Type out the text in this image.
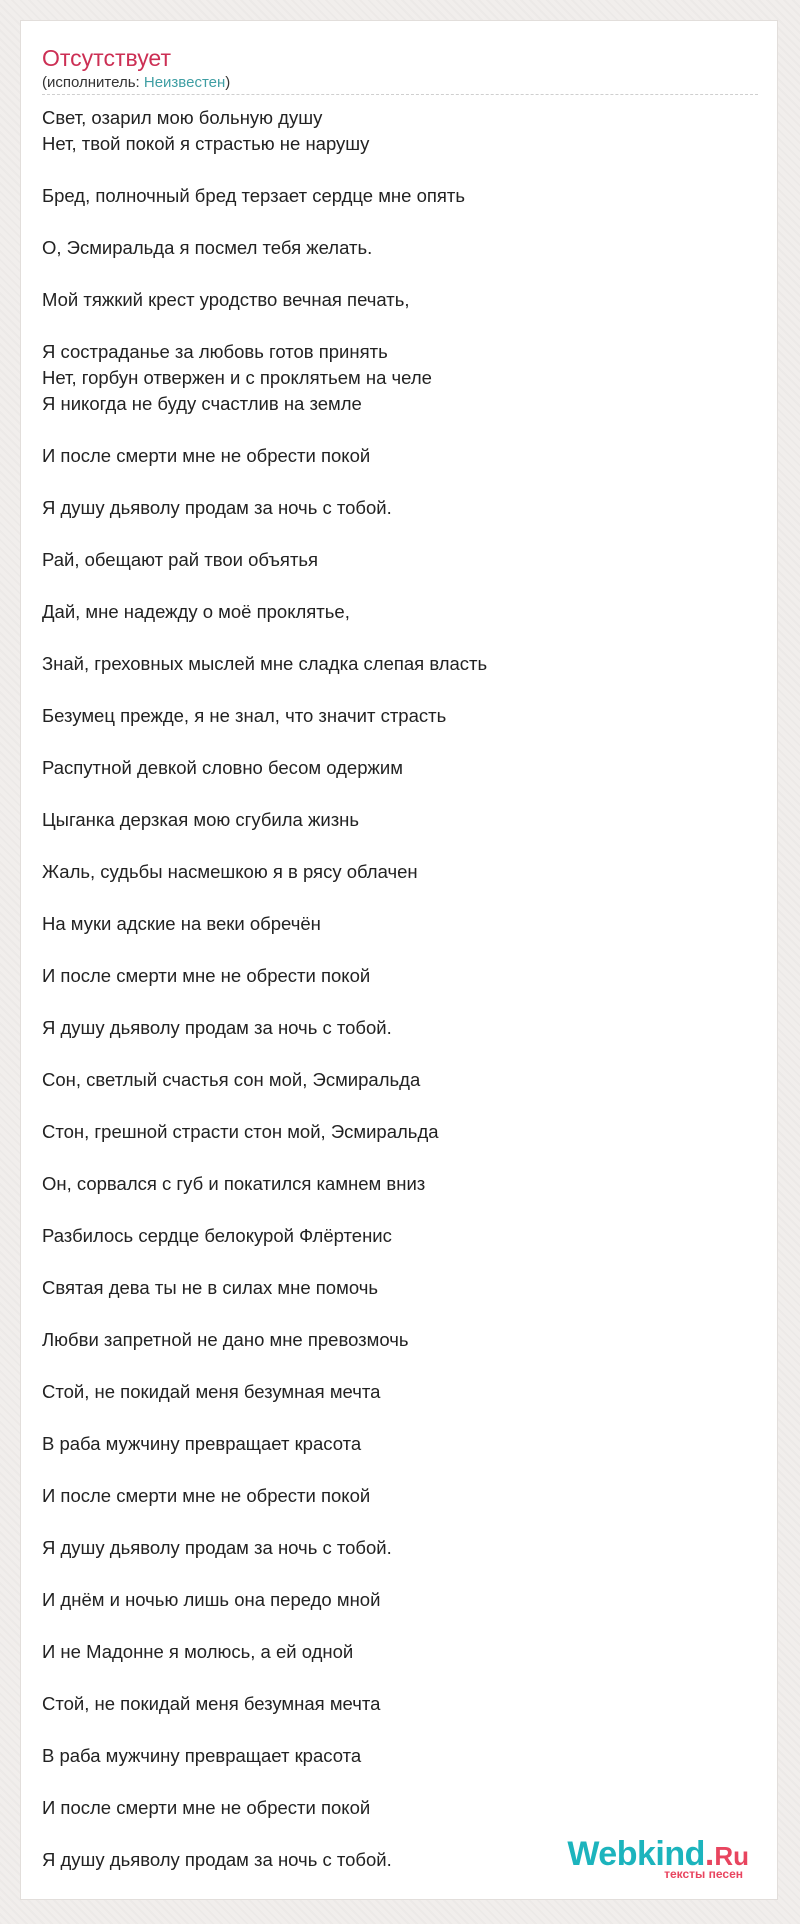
Отсутствует
(исполнитель: Неизвестен)
Свет, озарил мою больную душу
Нет, твой покой я страстью не нарушу
Бред, полночный бред терзает сердце мне опять
О, Эсмиральда я посмел тебя желать.
Мой тяжкий крест уродство вечная печать,
Я состраданье за любовь готов принять
Нет, горбун отвержен и с проклятьем на челе
Я никогда не буду счастлив на земле
И после смерти мне не обрести покой
Я душу дьяволу продам за ночь с тобой.
Рай, обещают рай твои объятья
Дай, мне надежду о моё проклятье,
Знай, греховных мыслей мне сладка слепая власть
Безумец прежде, я не знал, что значит страсть
Распутной девкой словно бесом одержим
Цыганка дерзкая мою сгубила жизнь
Жаль, судьбы насмешкою я в рясу облачен
На муки адские на веки обречён
И после смерти мне не обрести покой
Я душу дьяволу продам за ночь с тобой.
Сон, светлый счастья сон мой, Эсмиральда
Стон, грешной страсти стон мой, Эсмиральда
Он, сорвался с губ и покатился камнем вниз
Разбилось сердце белокурой Флёртенис
Святая дева ты не в силах мне помочь
Любви запретной не дано мне превозмочь
Стой, не покидай меня безумная мечта
В раба мужчину превращает красота
И после смерти мне не обрести покой
Я душу дьяволу продам за ночь с тобой.
И днём и ночью лишь она передо мной
И не Мадонне я молюсь, а ей одной
Стой, не покидай меня безумная мечта
В раба мужчину превращает красота
И после смерти мне не обрести покой
Я душу дьяволу продам за ночь с тобой.	Webkind.Ru
тексты песен
